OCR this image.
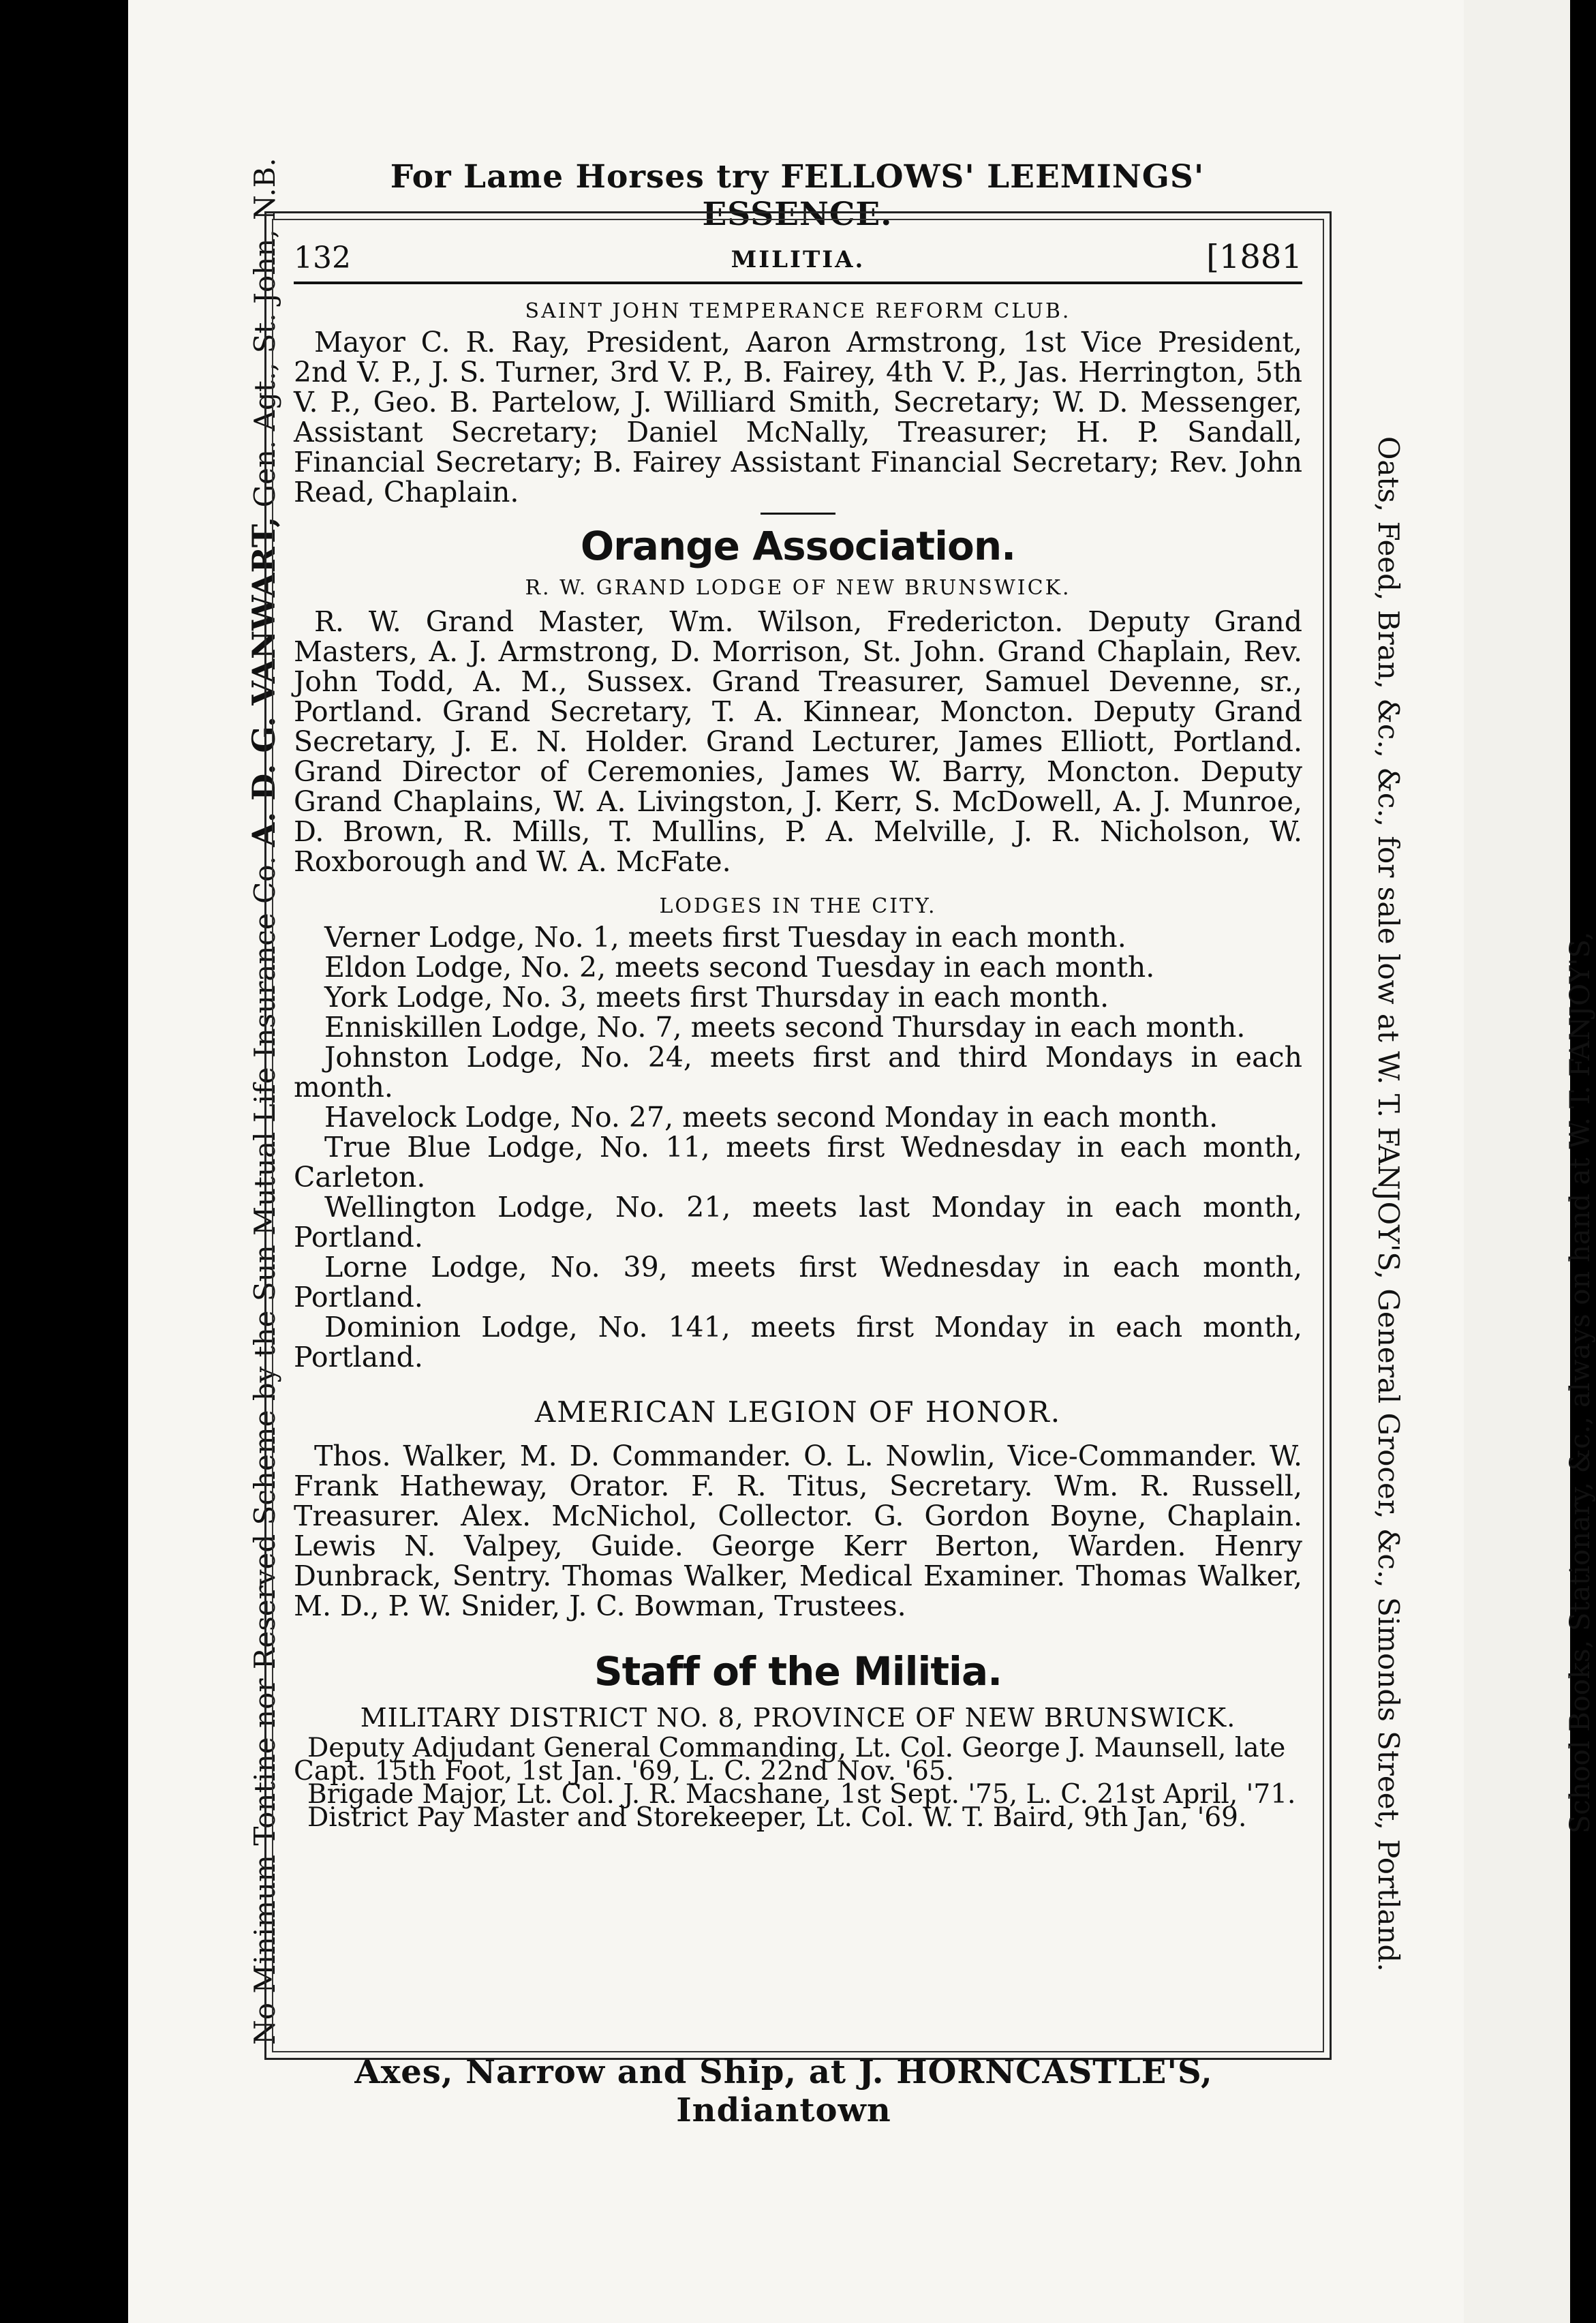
For Lame Horses try FELLOWS' LEEMINGS' ESSENCE.
No Minimum Tontine nor Reserved Scheme by the Sun Mutual Life Insurance Co. A. D. G. VANWART, Gen. Agt., St. John, N.B.
Oats, Feed, Bran, &c., &c., for sale low at W. T. FANJOY'S, General Grocer, &c., Simonds Street, Portland.	School Books, Stationary, &c., always on hand at W. T. FANJOY'S,
132	MILITIA.	[1881

SAINT JOHN TEMPERANCE REFORM CLUB.

Mayor C. R. Ray, President, Aaron Armstrong, 1st Vice President, 2nd V. P., J. S. Turner, 3rd V. P., B. Fairey, 4th V. P., Jas. Herrington, 5th V. P., Geo. B. Partelow, J. Williard Smith, Secretary; W. D. Messenger, Assistant Secretary; Daniel McNally, Treasurer; H. P. Sandall, Financial Secretary; B. Fairey Assistant Financial Secretary; Rev. John Read, Chaplain.

Orange Association.

R. W. GRAND LODGE OF NEW BRUNSWICK.

R. W. Grand Master, Wm. Wilson, Fredericton. Deputy Grand Masters, A. J. Armstrong, D. Morrison, St. John. Grand Chaplain, Rev. John Todd, A. M., Sussex. Grand Treasurer, Samuel Devenne, sr., Portland. Grand Secretary, T. A. Kinnear, Moncton. Deputy Grand Secretary, J. E. N. Holder. Grand Lecturer, James Elliott, Portland. Grand Director of Ceremonies, James W. Barry, Moncton. Deputy Grand Chaplains, W. A. Livingston, J. Kerr, S. McDowell, A. J. Munroe, D. Brown, R. Mills, T. Mullins, P. A. Melville, J. R. Nicholson, W. Roxborough and W. A. McFate.

LODGES IN THE CITY.

Verner Lodge, No. 1, meets first Tuesday in each month.

Eldon Lodge, No. 2, meets second Tuesday in each month.

York Lodge, No. 3, meets first Thursday in each month.

Enniskillen Lodge, No. 7, meets second Thursday in each month.

Johnston Lodge, No. 24, meets first and third Mondays in each month.

Havelock Lodge, No. 27, meets second Monday in each month.

True Blue Lodge, No. 11, meets first Wednesday in each month, Carleton.

Wellington Lodge, No. 21, meets last Monday in each month, Portland.

Lorne Lodge, No. 39, meets first Wednesday in each month, Portland.

Dominion Lodge, No. 141, meets first Monday in each month, Portland.

AMERICAN LEGION OF HONOR.

Thos. Walker, M. D. Commander. O. L. Nowlin, Vice-Commander. W. Frank Hatheway, Orator. F. R. Titus, Secretary. Wm. R. Russell, Treasurer. Alex. McNichol, Collector. G. Gordon Boyne, Chaplain. Lewis N. Valpey, Guide. George Kerr Berton, Warden. Henry Dunbrack, Sentry. Thomas Walker, Medical Examiner. Thomas Walker, M. D., P. W. Snider, J. C. Bowman, Trustees.

Staff of the Militia.

MILITARY DISTRICT NO. 8, PROVINCE OF NEW BRUNSWICK.

Deputy Adjudant General Commanding, Lt. Col. George J. Maunsell, late

Capt. 15th Foot, 1st Jan. '69, L. C. 22nd Nov. '65.

Brigade Major, Lt. Col. J. R. Macshane, 1st Sept. '75, L. C. 21st April, '71.

District Pay Master and Storekeeper, Lt. Col. W. T. Baird, 9th Jan, '69.

Axes, Narrow and Ship, at J. HORNCASTLE'S, Indiantown
